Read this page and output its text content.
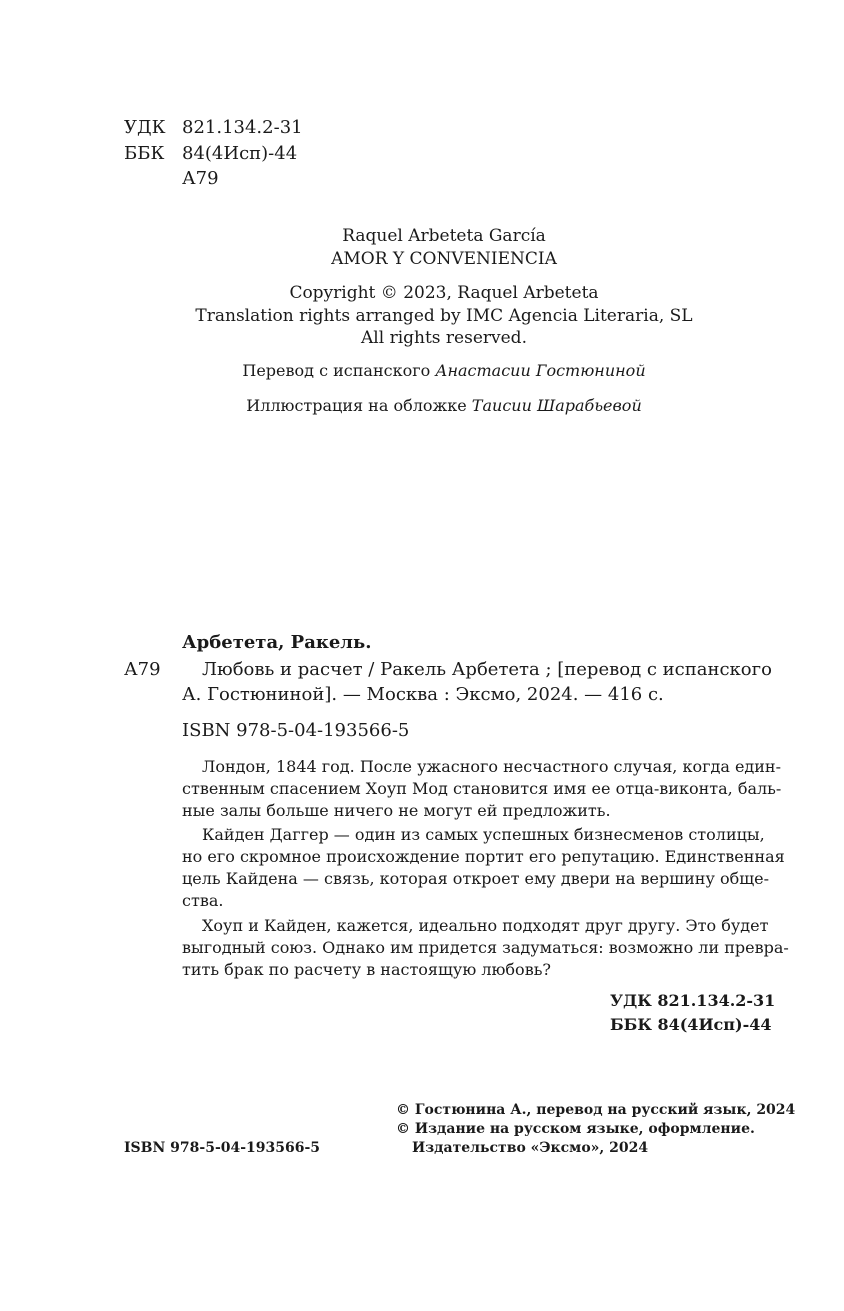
УДК 821.134.2-31
ББК 84(4Исп)-44
А79
Raquel Arbeteta García
AMOR Y CONVENIENCIA
Copyright © 2023, Raquel Arbeteta
Translation rights arranged by IMC Agencia Literaria, SL
All rights reserved.
Перевод с испанского Анастасии Гостюниной
Иллюстрация на обложке Таисии Шарабьевой
Арбетета, Ракель.
А79 Любовь и расчет / Ракель Арбетета ; [перевод с испанского
А. Гостюниной]. — Москва : Эксмо, 2024. — 416 с.
ISBN 978-5-04-193566-5
Лондон, 1844 год. После ужасного несчастного случая, когда един-
ственным спасением Хоуп Мод становится имя ее отца-виконта, баль-
ные залы больше ничего не могут ей предложить.
Кайден Даггер — один из самых успешных бизнесменов столицы,
но его скромное происхождение портит его репутацию. Единственная
цель Кайдена — связь, которая откроет ему двери на вершину обще-
ства.
Хоуп и Кайден, кажется, идеально подходят друг другу. Это будет
выгодный союз. Однако им придется задуматься: возможно ли превра-
тить брак по расчету в настоящую любовь?
УДК 821.134.2-31
ББК 84(4Исп)-44
ISBN 978-5-04-193566-5
© Гостюнина А., перевод на русский язык, 2024
© Издание на русском языке, оформление.
Издательство «Эксмо», 2024
